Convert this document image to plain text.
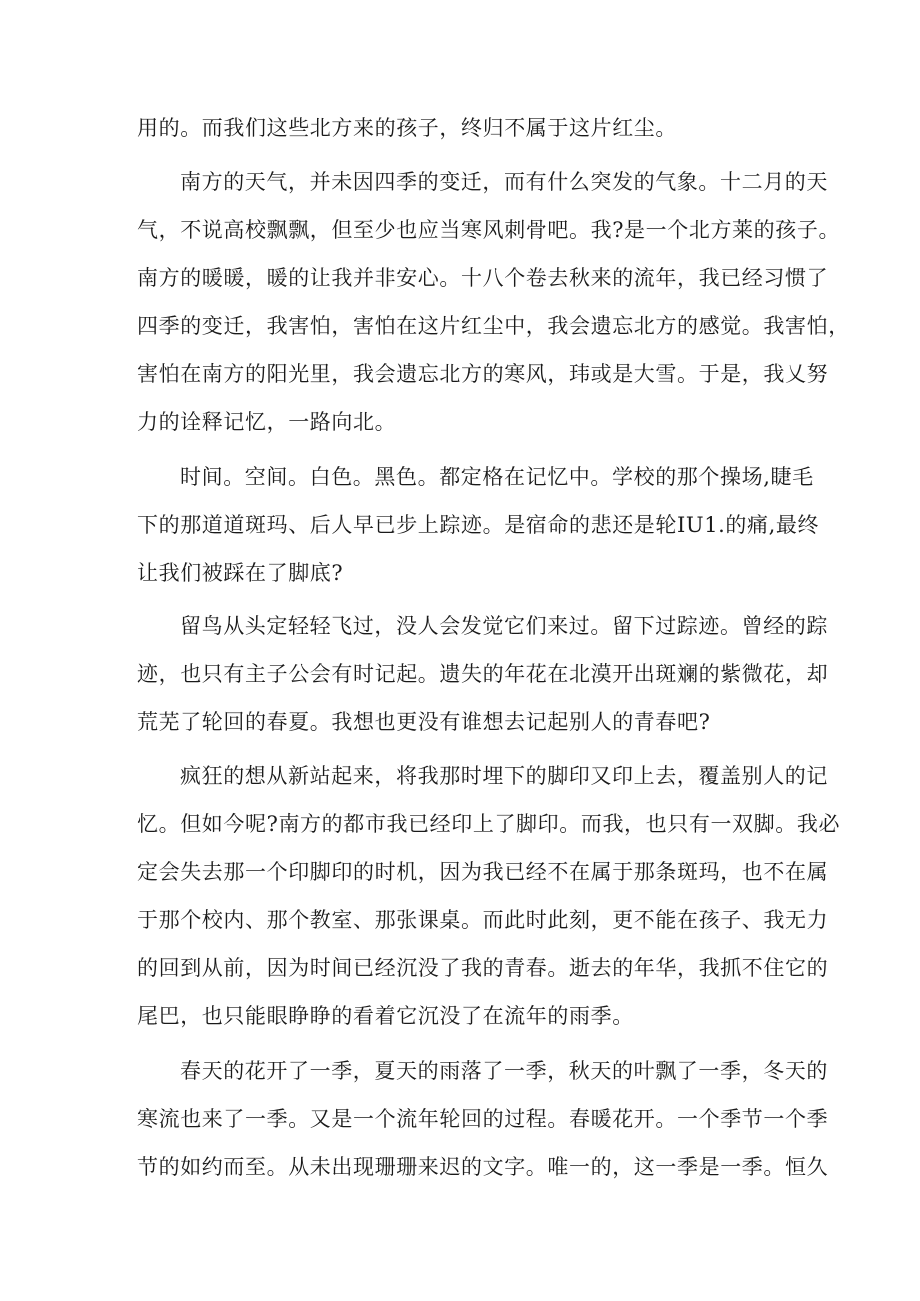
用的。而我们这些北方来的孩子，终归不属于这片红尘。
南方的天气，并未因四季的变迁，而有什么突发的气象。十二月的天
气，不说高校飘飘，但至少也应当寒风刺骨吧。我?是一个北方莱的孩子。
南方的暖暖，暖的让我并非安心。十八个卷去秋来的流年，我已经习惯了
四季的变迁，我害怕，害怕在这片红尘中，我会遗忘北方的感觉。我害怕，
害怕在南方的阳光里，我会遗忘北方的寒风，玮或是大雪。于是，我乂努
力的诠释记忆，一路向北。
时间。空间。白色。黑色。都定格在记忆中。学校的那个操场,睫毛
下的那道道斑玛、后人早已步上踪迹。是宿命的悲还是轮IU1.的痛,最终
让我们被踩在了脚底?
留鸟从头定轻轻飞过，没人会发觉它们来过。留下过踪迹。曾经的踪
迹，也只有主子公会有时记起。遗失的年花在北漠开出斑斓的紫微花，却
荒芜了轮回的春夏。我想也更没有谁想去记起别人的青春吧?
疯狂的想从新站起来，将我那时埋下的脚印又印上去，覆盖别人的记
忆。但如今呢?南方的都市我已经印上了脚印。而我，也只有一双脚。我必
定会失去那一个印脚印的时机，因为我已经不在属于那条斑玛，也不在属
于那个校内、那个教室、那张课桌。而此时此刻，更不能在孩子、我无力
的回到从前，因为时间已经沉没了我的青春。逝去的年华，我抓不住它的
尾巴，也只能眼睁睁的看着它沉没了在流年的雨季。
春天的花开了一季，夏天的雨落了一季，秋天的叶飘了一季，冬天的
寒流也来了一季。又是一个流年轮回的过程。春暖花开。一个季节一个季
节的如约而至。从未出现珊珊来迟的文字。唯一的，这一季是一季。恒久
